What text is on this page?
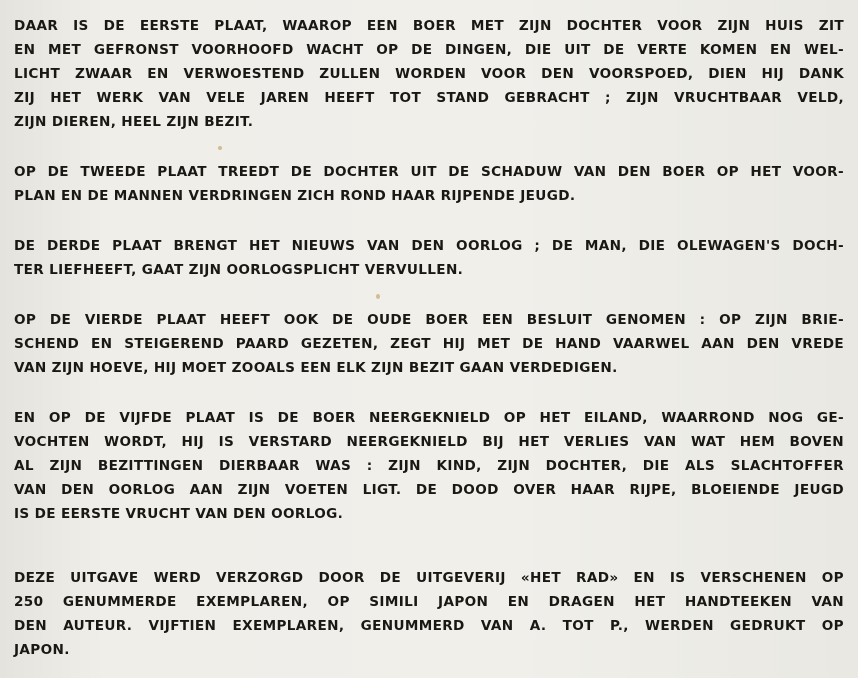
DAAR IS DE EERSTE PLAAT, WAAROP EEN BOER MET ZIJN DOCHTER VOOR ZIJN HUIS ZIT
EN MET GEFRONST VOORHOOFD WACHT OP DE DINGEN, DIE UIT DE VERTE KOMEN EN WEL-
LICHT ZWAAR EN VERWOESTEND ZULLEN WORDEN VOOR DEN VOORSPOED, DIEN HIJ DANK
ZIJ HET WERK VAN VELE JAREN HEEFT TOT STAND GEBRACHT ; ZIJN VRUCHTBAAR VELD,
ZIJN DIEREN, HEEL ZIJN BEZIT.
OP DE TWEEDE PLAAT TREEDT DE DOCHTER UIT DE SCHADUW VAN DEN BOER OP HET VOOR-
PLAN EN DE MANNEN VERDRINGEN ZICH ROND HAAR RIJPENDE JEUGD.
DE DERDE PLAAT BRENGT HET NIEUWS VAN DEN OORLOG ; DE MAN, DIE OLEWAGEN'S DOCH-
TER LIEFHEEFT, GAAT ZIJN OORLOGSPLICHT VERVULLEN.
OP DE VIERDE PLAAT HEEFT OOK DE OUDE BOER EEN BESLUIT GENOMEN : OP ZIJN BRIE-
SCHEND EN STEIGEREND PAARD GEZETEN, ZEGT HIJ MET DE HAND VAARWEL AAN DEN VREDE
VAN ZIJN HOEVE, HIJ MOET ZOOALS EEN ELK ZIJN BEZIT GAAN VERDEDIGEN.
EN OP DE VIJFDE PLAAT IS DE BOER NEERGEKNIELD OP HET EILAND, WAARROND NOG GE-
VOCHTEN WORDT, HIJ IS VERSTARD NEERGEKNIELD BIJ HET VERLIES VAN WAT HEM BOVEN
AL ZIJN BEZITTINGEN DIERBAAR WAS : ZIJN KIND, ZIJN DOCHTER, DIE ALS SLACHTOFFER
VAN DEN OORLOG AAN ZIJN VOETEN LIGT. DE DOOD OVER HAAR RIJPE, BLOEIENDE JEUGD
IS DE EERSTE VRUCHT VAN DEN OORLOG.
DEZE UITGAVE WERD VERZORGD DOOR DE UITGEVERIJ «HET RAD» EN IS VERSCHENEN OP
250 GENUMMERDE EXEMPLAREN, OP SIMILI JAPON EN DRAGEN HET HANDTEEKEN VAN
DEN AUTEUR. VIJFTIEN EXEMPLAREN, GENUMMERD VAN A. TOT P., WERDEN GEDRUKT OP
JAPON.
